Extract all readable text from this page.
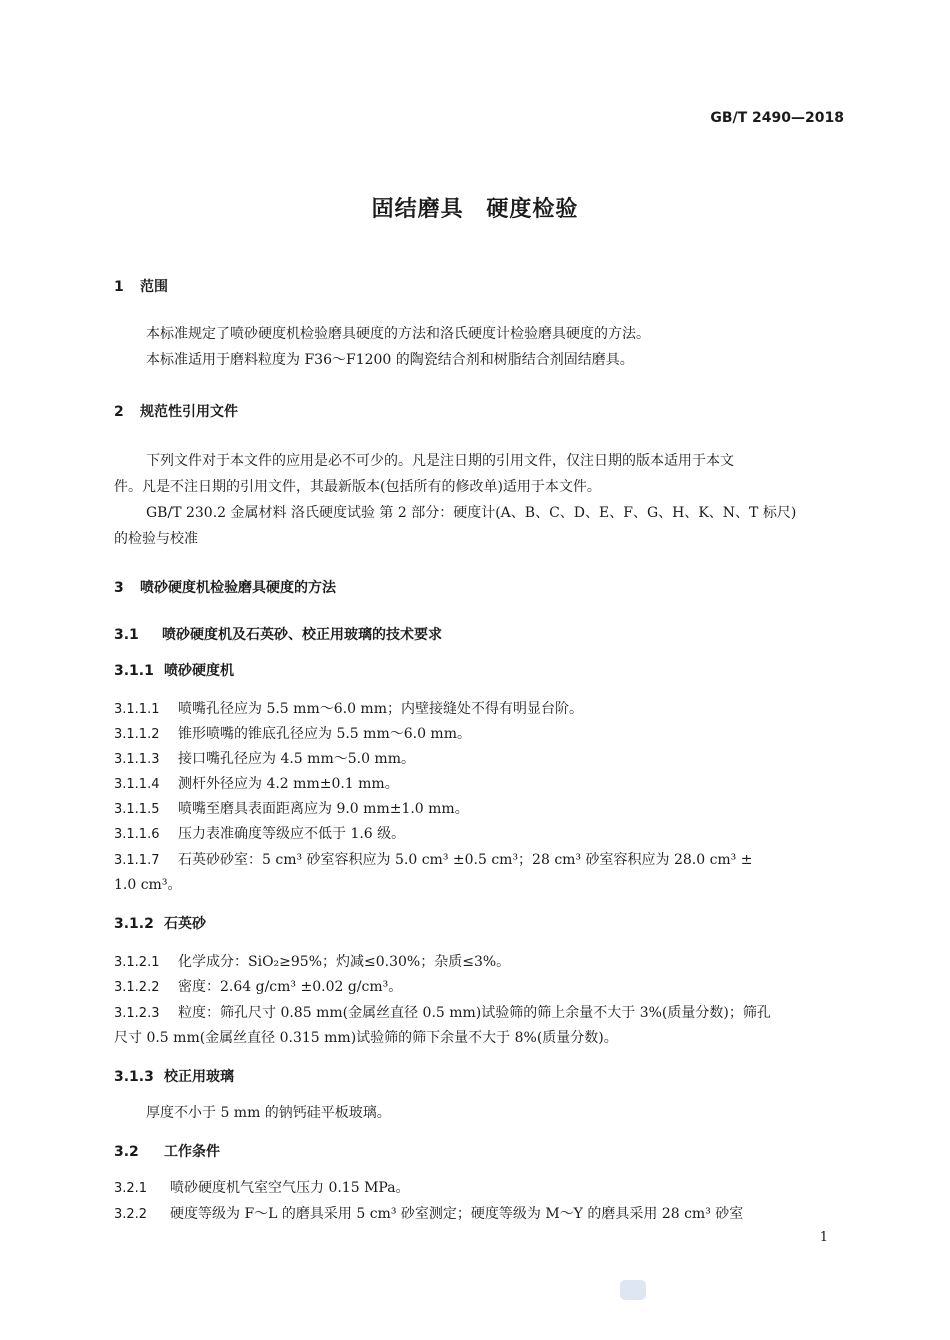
GB/T 2490—2018
固结磨具 硬度检验
1 范围
本标准规定了喷砂硬度机检验磨具硬度的方法和洛氏硬度计检验磨具硬度的方法。
本标准适用于磨料粒度为 F36～F1200 的陶瓷结合剂和树脂结合剂固结磨具。
2 规范性引用文件
下列文件对于本文件的应用是必不可少的。凡是注日期的引用文件，仅注日期的版本适用于本文
件。凡是不注日期的引用文件，其最新版本(包括所有的修改单)适用于本文件。
GB/T 230.2 金属材料 洛氏硬度试验 第 2 部分：硬度计(A、B、C、D、E、F、G、H、K、N、T 标尺)
的检验与校准
3 喷砂硬度机检验磨具硬度的方法
3.1 喷砂硬度机及石英砂、校正用玻璃的技术要求
3.1.1 喷砂硬度机
3.1.1.1 喷嘴孔径应为 5.5 mm～6.0 mm；内壁接缝处不得有明显台阶。
3.1.1.2 锥形喷嘴的锥底孔径应为 5.5 mm～6.0 mm。
3.1.1.3 接口嘴孔径应为 4.5 mm～5.0 mm。
3.1.1.4 测杆外径应为 4.2 mm±0.1 mm。
3.1.1.5 喷嘴至磨具表面距离应为 9.0 mm±1.0 mm。
3.1.1.6 压力表准确度等级应不低于 1.6 级。
3.1.1.7 石英砂砂室：5 cm³ 砂室容积应为 5.0 cm³ ±0.5 cm³；28 cm³ 砂室容积应为 28.0 cm³ ±
1.0 cm³。
3.1.2 石英砂
3.1.2.1 化学成分：SiO₂≥95%；灼减≤0.30%；杂质≤3%。
3.1.2.2 密度：2.64 g/cm³ ±0.02 g/cm³。
3.1.2.3 粒度：筛孔尺寸 0.85 mm(金属丝直径 0.5 mm)试验筛的筛上余量不大于 3%(质量分数)；筛孔
尺寸 0.5 mm(金属丝直径 0.315 mm)试验筛的筛下余量不大于 8%(质量分数)。
3.1.3 校正用玻璃
厚度不小于 5 mm 的钠钙硅平板玻璃。
3.2 工作条件
3.2.1 喷砂硬度机气室空气压力 0.15 MPa。
3.2.2 硬度等级为 F～L 的磨具采用 5 cm³ 砂室测定；硬度等级为 M～Y 的磨具采用 28 cm³ 砂室
1
